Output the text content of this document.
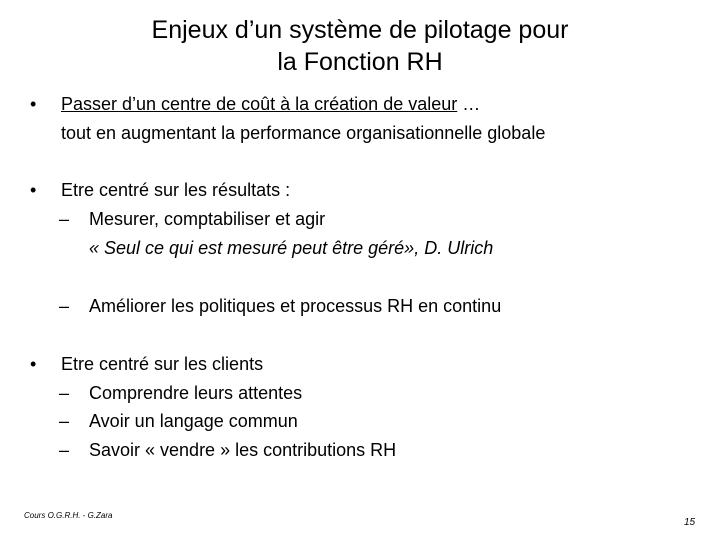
Enjeux d’un système de pilotage pour
la Fonction RH
• Passer d’un centre de coût à la création de valeur …
tout en augmentant la performance organisationnelle globale
• Etre centré sur les résultats :
– Mesurer, comptabiliser et agir
« Seul ce qui est mesuré peut être géré», D. Ulrich
– Améliorer les politiques et processus RH en continu
• Etre centré sur les clients
– Comprendre leurs attentes
– Avoir un langage commun
– Savoir « vendre » les contributions RH
Cours O.G.R.H. - G.Zara
15
